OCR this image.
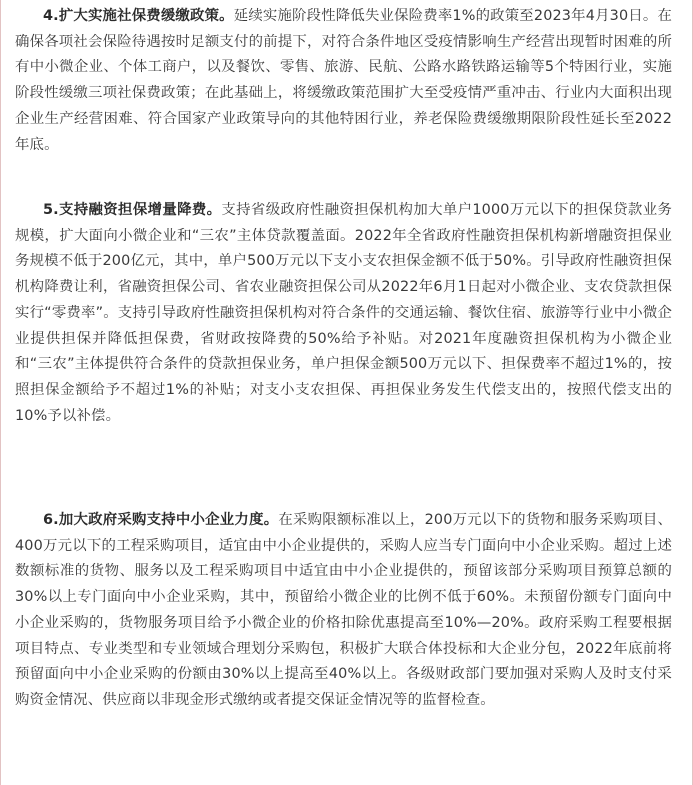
4.扩大实施社保费缓缴政策。延续实施阶段性降低失业保险费率1%的政策至2023年4月30日。在确保各项社会保险待遇按时足额支付的前提下，对符合条件地区受疫情影响生产经营出现暂时困难的所有中小微企业、个体工商户，以及餐饮、零售、旅游、民航、公路水路铁路运输等5个特困行业，实施阶段性缓缴三项社保费政策；在此基础上，将缓缴政策范围扩大至受疫情严重冲击、行业内大面积出现企业生产经营困难、符合国家产业政策导向的其他特困行业，养老保险费缓缴期限阶段性延长至2022年底。

5.支持融资担保增量降费。支持省级政府性融资担保机构加大单户1000万元以下的担保贷款业务规模，扩大面向小微企业和“三农”主体贷款覆盖面。2022年全省政府性融资担保机构新增融资担保业务规模不低于200亿元，其中，单户500万元以下支小支农担保金额不低于50%。引导政府性融资担保机构降费让利，省融资担保公司、省农业融资担保公司从2022年6月1日起对小微企业、支农贷款担保实行“零费率”。支持引导政府性融资担保机构对符合条件的交通运输、餐饮住宿、旅游等行业中小微企业提供担保并降低担保费，省财政按降费的50%给予补贴。对2021年度融资担保机构为小微企业和“三农”主体提供符合条件的贷款担保业务，单户担保金额500万元以下、担保费率不超过1%的，按照担保金额给予不超过1%的补贴；对支小支农担保、再担保业务发生代偿支出的，按照代偿支出的10%予以补偿。

6.加大政府采购支持中小企业力度。在采购限额标准以上，200万元以下的货物和服务采购项目、400万元以下的工程采购项目，适宜由中小企业提供的，采购人应当专门面向中小企业采购。超过上述数额标准的货物、服务以及工程采购项目中适宜由中小企业提供的，预留该部分采购项目预算总额的30%以上专门面向中小企业采购，其中，预留给小微企业的比例不低于60%。未预留份额专门面向中小企业采购的，货物服务项目给予小微企业的价格扣除优惠提高至10%—20%。政府采购工程要根据项目特点、专业类型和专业领域合理划分采购包，积极扩大联合体投标和大企业分包，2022年底前将预留面向中小企业采购的份额由30%以上提高至40%以上。各级财政部门要加强对采购人及时支付采购资金情况、供应商以非现金形式缴纳或者提交保证金情况等的监督检查。
